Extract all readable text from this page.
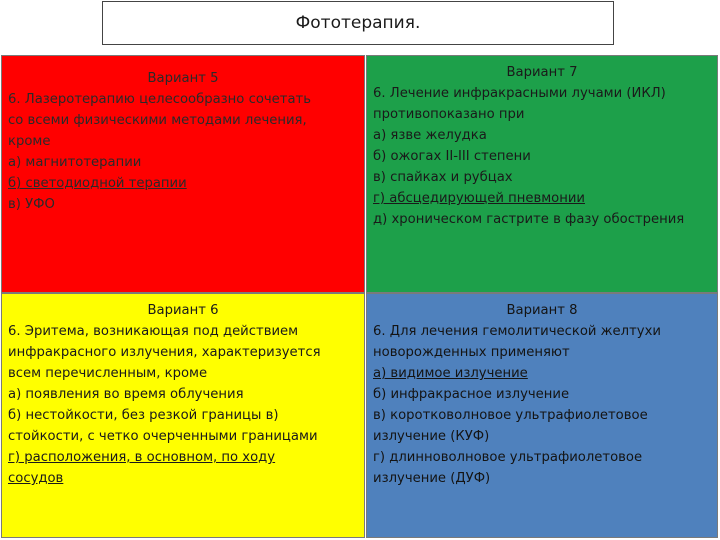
Фототерапия.
Вариант 5
6. Лазеротерапию целесообразно сочетать
со всеми физическими методами лечения,
кроме
а) магнитотерапии
б) светодиодной терапии
в) УФО
Вариант 7
6. Лечение инфракрасными лучами (ИКЛ)
противопоказано при
а) язве желудка
б) ожогах II-III степени
в) спайках и рубцах
г) абсцедирующей пневмонии
д) хроническом гастрите в фазу обострения
Вариант 6
6. Эритема, возникающая под действием
инфракрасного излучения, характеризуется
всем перечисленным, кроме
а) появления во время облучения
б) нестойкости, без резкой границы в)
стойкости, с четко очерченными границами
г) расположения, в основном, по ходу
сосудов
Вариант 8
6. Для лечения гемолитической желтухи
новорожденных применяют
а) видимое излучение
б) инфракрасное излучение
в) коротковолновое ультрафиолетовое
излучение (КУФ)
г) длинноволновое ультрафиолетовое
излучение (ДУФ)
